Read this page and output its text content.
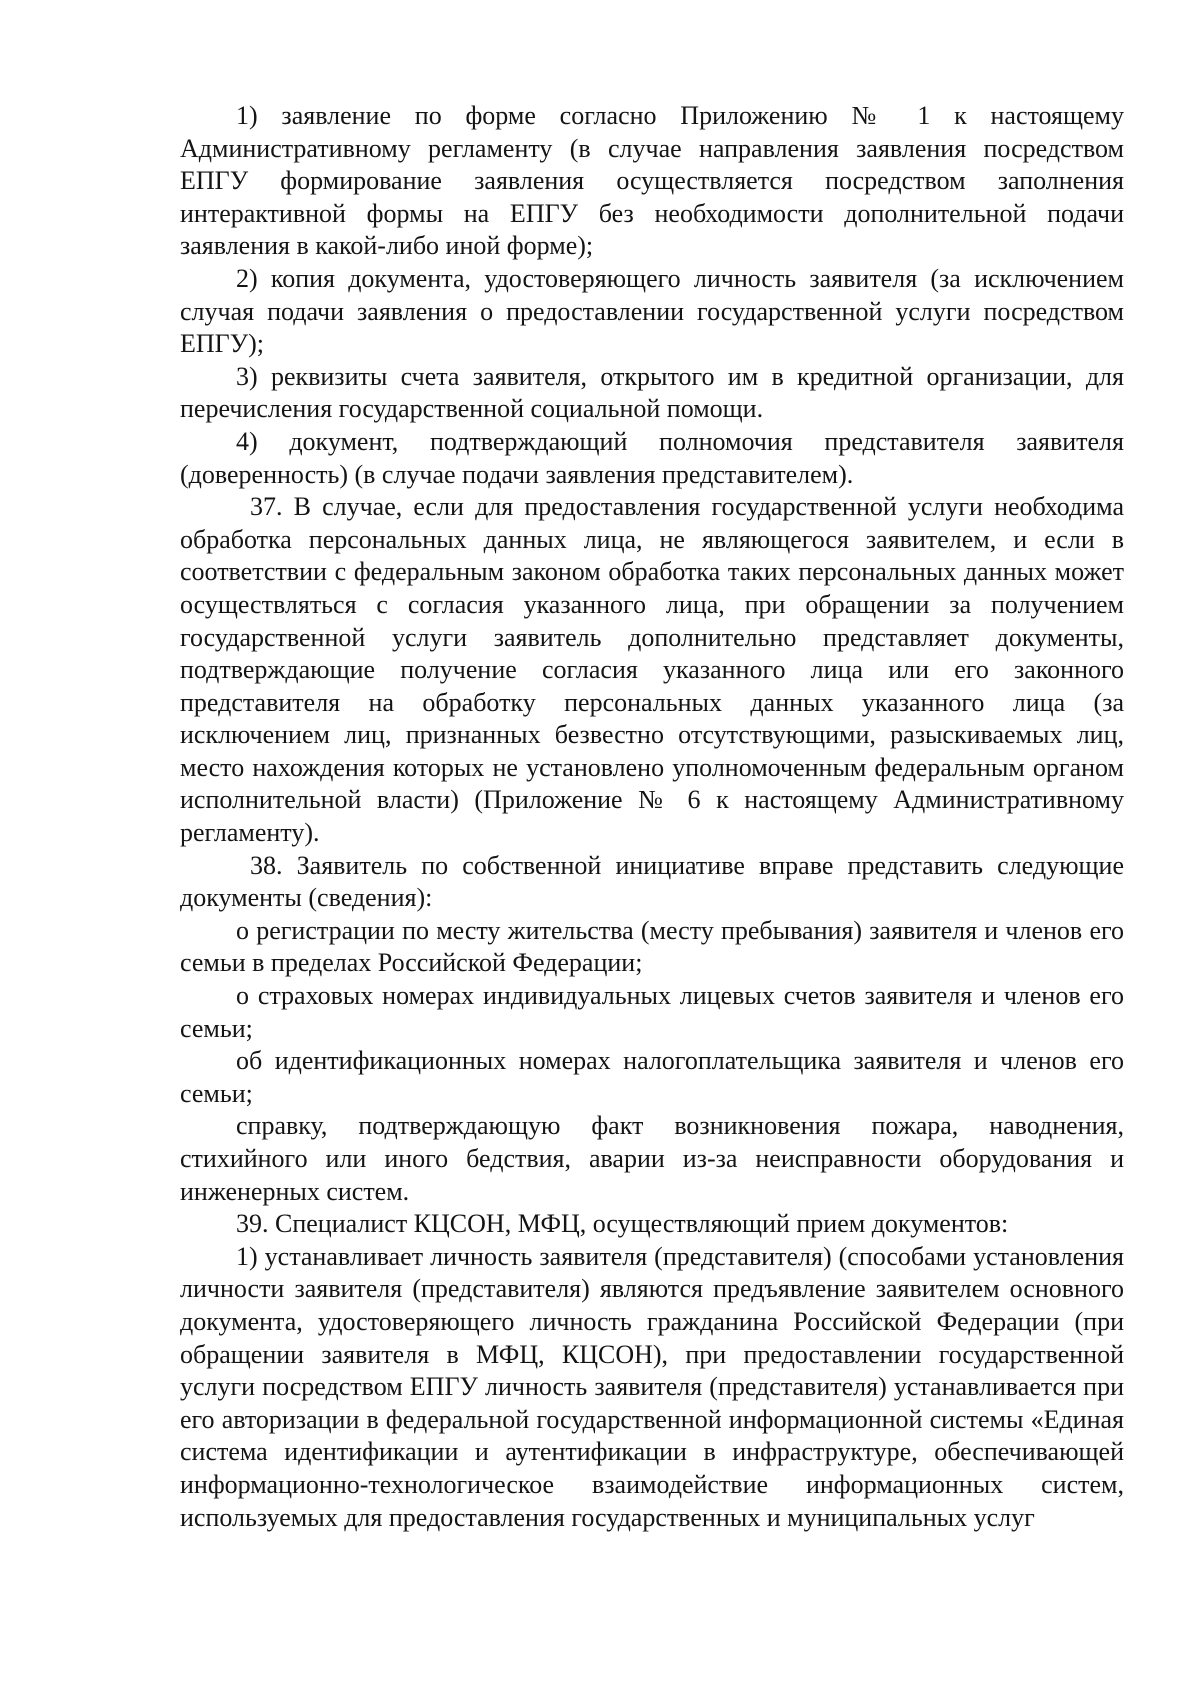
1) заявление по форме согласно Приложению № 1 к настоящему Административному регламенту (в случае направления заявления посредством ЕПГУ формирование заявления осуществляется посредством заполнения интерактивной формы на ЕПГУ без необходимости дополнительной подачи заявления в какой-либо иной форме);

2) копия документа, удостоверяющего личность заявителя (за исключением случая подачи заявления о предоставлении государственной услуги посредством ЕПГУ);

3) реквизиты счета заявителя, открытого им в кредитной организации, для перечисления государственной социальной помощи.

4) документ, подтверждающий полномочия представителя заявителя (доверенность) (в случае подачи заявления представителем).

37. В случае, если для предоставления государственной услуги необходима обработка персональных данных лица, не являющегося заявителем, и если в соответствии с федеральным законом обработка таких персональных данных может осуществляться с согласия указанного лица, при обращении за получением государственной услуги заявитель дополнительно представляет документы, подтверждающие получение согласия указанного лица или его законного представителя на обработку персональных данных указанного лица (за исключением лиц, признанных безвестно отсутствующими, разыскиваемых лиц, место нахождения которых не установлено уполномоченным федеральным органом исполнительной власти) (Приложение № 6 к настоящему Административному регламенту).

38. Заявитель по собственной инициативе вправе представить следующие документы (сведения):

о регистрации по месту жительства (месту пребывания) заявителя и членов его семьи в пределах Российской Федерации;

о страховых номерах индивидуальных лицевых счетов заявителя и членов его семьи;

об идентификационных номерах налогоплательщика заявителя и членов его семьи;

справку, подтверждающую факт возникновения пожара, наводнения, стихийного или иного бедствия, аварии из-за неисправности оборудования и инженерных систем.

39. Специалист КЦСОН, МФЦ, осуществляющий прием документов:

1) устанавливает личность заявителя (представителя) (способами установления личности заявителя (представителя) являются предъявление заявителем основного документа, удостоверяющего личность гражданина Российской Федерации (при обращении заявителя в МФЦ, КЦСОН), при предоставлении государственной услуги посредством ЕПГУ личность заявителя (представителя) устанавливается при его авторизации в федеральной государственной информационной системы «Единая система идентификации и аутентификации в инфраструктуре, обеспечивающей информационно-технологическое взаимодействие информационных систем, используемых для предоставления государственных и муниципальных услуг
